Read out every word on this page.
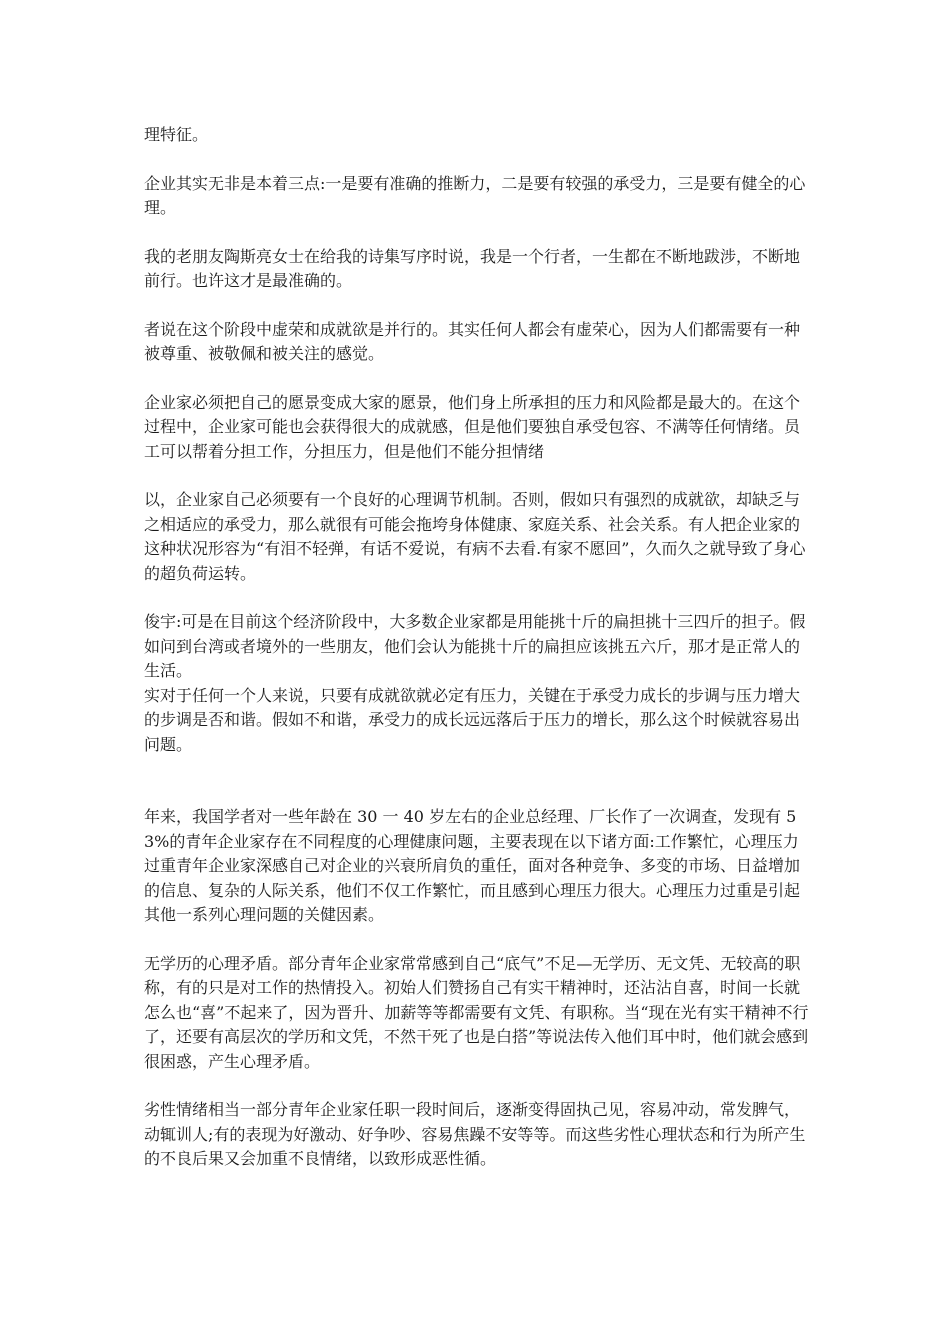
理特征。

企业其实无非是本着三点:一是要有准确的推断力，二是要有较强的承受力，三是要有健全的心理。

我的老朋友陶斯亮女士在给我的诗集写序时说，我是一个行者，一生都在不断地跋涉，不断地前行。也许这才是最准确的。

者说在这个阶段中虚荣和成就欲是并行的。其实任何人都会有虚荣心，因为人们都需要有一种被尊重、被敬佩和被关注的感觉。

企业家必须把自己的愿景变成大家的愿景，他们身上所承担的压力和风险都是最大的。在这个过程中，企业家可能也会获得很大的成就感，但是他们要独自承受包容、不满等任何情绪。员工可以帮着分担工作，分担压力，但是他们不能分担情绪

以，企业家自己必须要有一个良好的心理调节机制。否则，假如只有强烈的成就欲，却缺乏与之相适应的承受力，那么就很有可能会拖垮身体健康、家庭关系、社会关系。有人把企业家的这种状况形容为“有泪不轻弹，有话不爱说，有病不去看.有家不愿回”，久而久之就导致了身心的超负荷运转。

俊宇:可是在目前这个经济阶段中，大多数企业家都是用能挑十斤的扁担挑十三四斤的担子。假如问到台湾或者境外的一些朋友，他们会认为能挑十斤的扁担应该挑五六斤，那才是正常人的生活。

实对于任何一个人来说，只要有成就欲就必定有压力，关键在于承受力成长的步调与压力增大的步调是否和谐。假如不和谐，承受力的成长远远落后于压力的增长，那么这个时候就容易出问题。

年来，我国学者对一些年龄在 30 一 40 岁左右的企业总经理、厂长作了一次调查，发现有 53%的青年企业家存在不同程度的心理健康问题，主要表现在以下诸方面:工作繁忙，心理压力过重青年企业家深感自己对企业的兴衰所肩负的重任，面对各种竞争、多变的市场、日益增加的信息、复杂的人际关系，他们不仅工作繁忙，而且感到心理压力很大。心理压力过重是引起其他一系列心理问题的关健因素。

无学历的心理矛盾。部分青年企业家常常感到自己“底气”不足—无学历、无文凭、无较高的职称，有的只是对工作的热情投入。初始人们赞扬自己有实干精神时，还沾沾自喜，时间一长就怎么也“喜”不起来了，因为晋升、加薪等等都需要有文凭、有职称。当“现在光有实干精神不行了，还要有高层次的学历和文凭，不然干死了也是白搭”等说法传入他们耳中时，他们就会感到很困惑，产生心理矛盾。

劣性情绪相当一部分青年企业家任职一段时间后，逐渐变得固执己见，容易冲动，常发脾气，动辄训人;有的表现为好激动、好争吵、容易焦躁不安等等。而这些劣性心理状态和行为所产生的不良后果又会加重不良情绪，以致形成恶性循。
